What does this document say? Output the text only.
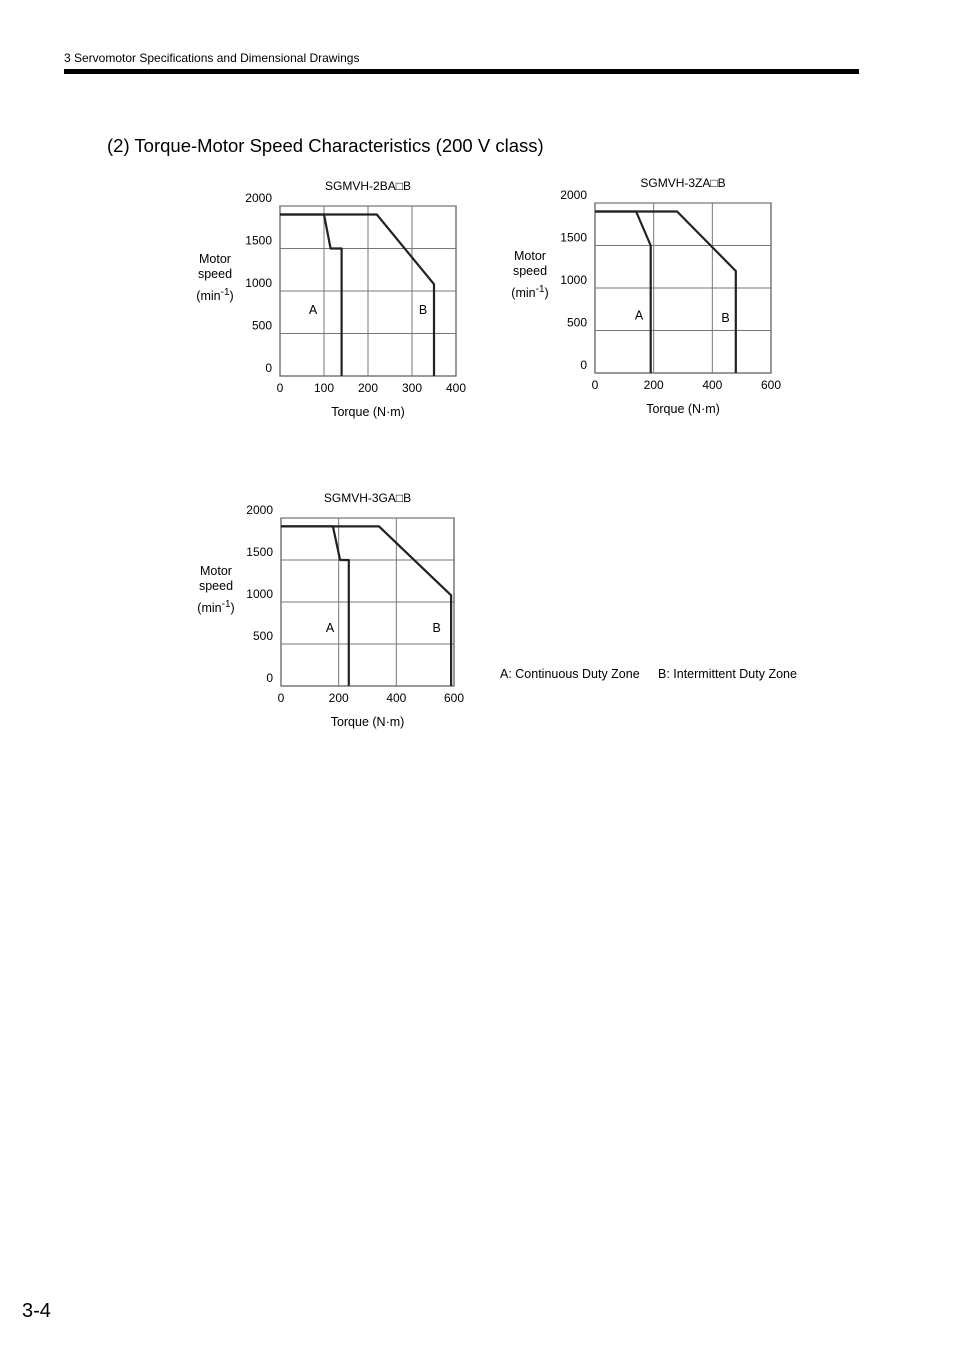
3 Servomotor Specifications and Dimensional Drawings
(2) Torque-Motor Speed Characteristics (200 V class)
SGMVH-2BA□B
0	100 200 300 400
0
500
1000
1500
2000
Torque (N·m)
Motor
speed
$(\min^{-1})$
A	B
SGMVH-3ZA□B
0	200	400	600
0
500
1000
1500
2000
Torque (N·m)
Motor
speed
$(\min^{-1})$
A	B
SGMVH-3GA□B
0	200	400	600
0
500
1000
1500
2000
Torque (N·m)
Motor
speed
$(\min^{-1})$
A	B
A: Continuous Duty Zone B: Intermittent Duty Zone
3-4
